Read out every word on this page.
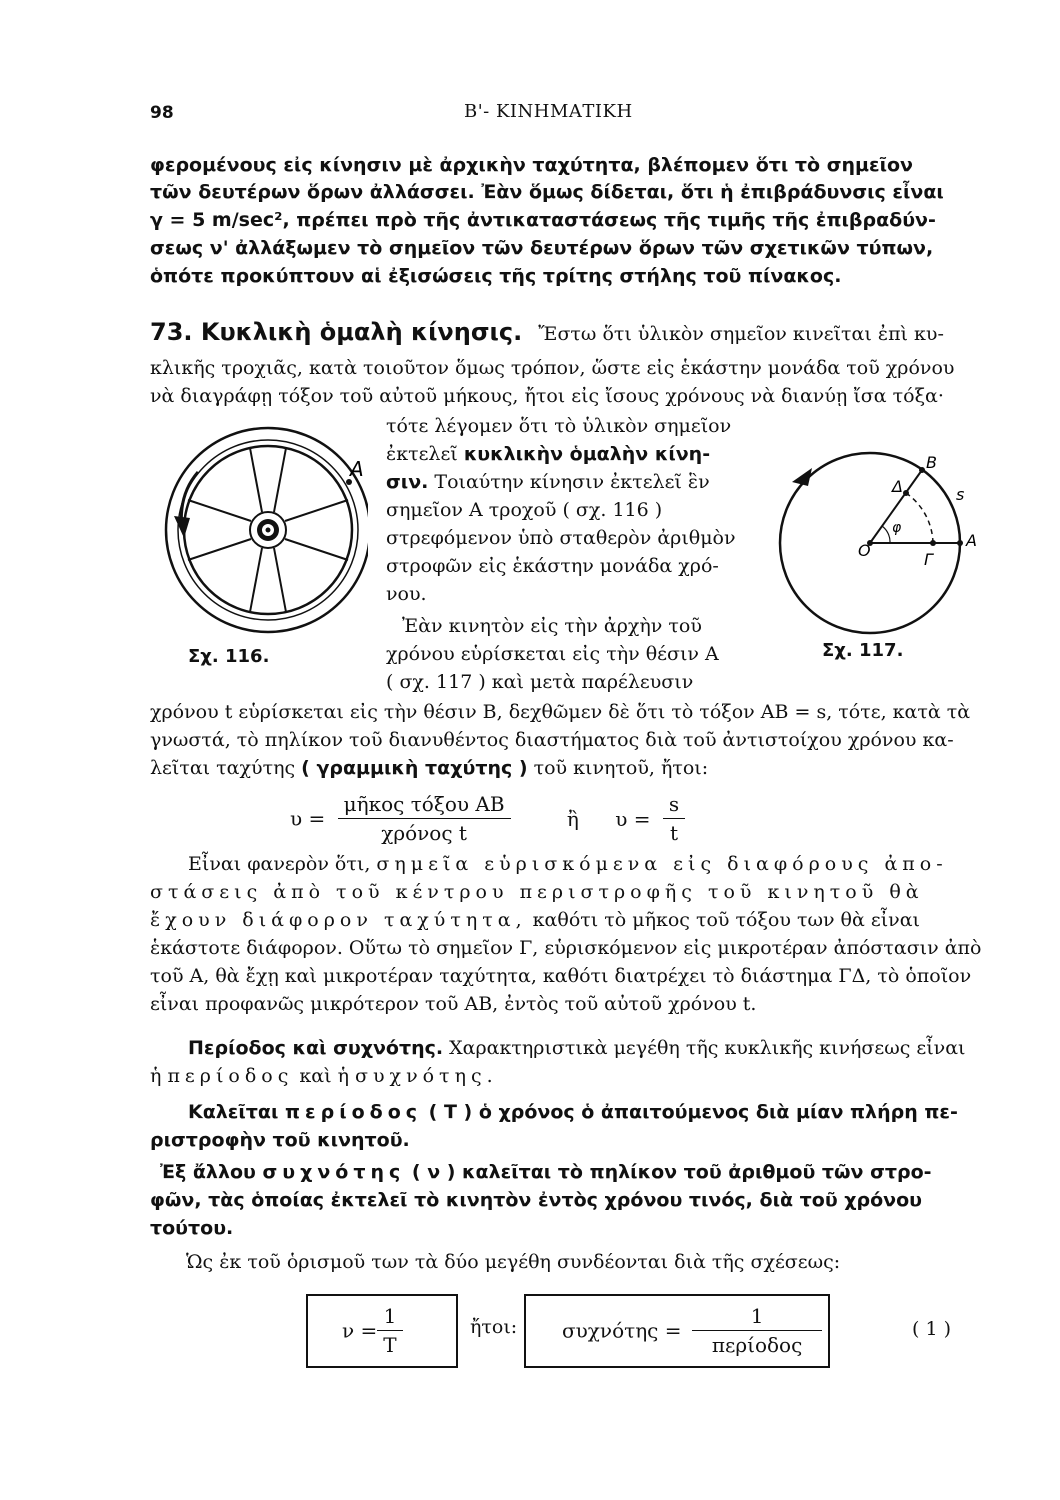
98	Β'- ΚΙΝΗΜΑΤΙΚΗ
φερομένους εἰς κίνησιν μὲ ἀρχικὴν ταχύτητα, βλέπομεν ὅτι τὸ σημεῖον
τῶν δευτέρων ὅρων ἀλλάσσει. Ἐὰν ὅμως δίδεται, ὅτι ἡ ἐπιβράδυνσις εἶναι
γ = 5 m/sec², πρέπει πρὸ τῆς ἀντικαταστάσεως τῆς τιμῆς τῆς ἐπιβραδύν-
σεως ν' ἀλλάξωμεν τὸ σημεῖον τῶν δευτέρων ὅρων τῶν σχετικῶν τύπων,
ὁπότε προκύπτουν αἱ ἐξισώσεις τῆς τρίτης στήλης τοῦ πίνακος.
73. Κυκλικὴ ὁμαλὴ κίνησις. Ἔστω ὅτι ὑλικὸν σημεῖον κινεῖται ἐπὶ κυ-
κλικῆς τροχιᾶς, κατὰ τοιοῦτον ὅμως τρόπον, ὥστε εἰς ἑκάστην μονάδα τοῦ χρόνου
νὰ διαγράφῃ τόξον τοῦ αὐτοῦ μήκους, ἤτοι εἰς ἴσους χρόνους νὰ διανύῃ ἴσα τόξα·
A
Σχ. 116.
τότε λέγομεν ὅτι τὸ ὑλικὸν σημεῖον
ἐκτελεῖ κυκλικὴν ὁμαλὴν κίνη-
σιν. Τοιαύτην κίνησιν ἐκτελεῖ ἓν
σημεῖον Α τροχοῦ ( σχ. 116 )
στρεφόμενον ὑπὸ σταθερὸν ἀριθμὸν
στροφῶν εἰς ἑκάστην μονάδα χρό-
νου.
Ἐὰν κινητὸν εἰς τὴν ἀρχὴν τοῦ
χρόνου εὑρίσκεται εἰς τὴν θέσιν Α
( σχ. 117 ) καὶ μετὰ παρέλευσιν
O	Γ
A
Δ
B
s
φ
Σχ. 117.
χρόνου t εὑρίσκεται εἰς τὴν θέσιν Β, δεχθῶμεν δὲ ὅτι τὸ τόξον ΑΒ = s, τότε, κατὰ τὰ
γνωστά, τὸ πηλίκον τοῦ διανυθέντος διαστήματος διὰ τοῦ ἀντιστοίχου χρόνου κα-
λεῖται ταχύτης ( γραμμικὴ ταχύτης ) τοῦ κινητοῦ, ἤτοι:
$\upsilon = \frac{\text{μῆκος τόξου ΑΒ}}{\text{χρόνος t}}$	ἢ $\upsilon = \frac{s}{t}$
Εἶναι φανερὸν ὅτι, σημεῖα εὑρισκόμενα εἰς διαφόρους ἀπο-
στάσεις ἀπὸ τοῦ κέντρου περιστροφῆς τοῦ κινητοῦ θὰ
ἔχουν διάφορον ταχύτητα, καθότι τὸ μῆκος τοῦ τόξου των θὰ εἶναι
ἑκάστοτε διάφορον. Οὕτω τὸ σημεῖον Γ, εὑρισκόμενον εἰς μικροτέραν ἀπόστασιν ἀπὸ
τοῦ Α, θὰ ἔχῃ καὶ μικροτέραν ταχύτητα, καθότι διατρέχει τὸ διάστημα ΓΔ, τὸ ὁποῖον
εἶναι προφανῶς μικρότερον τοῦ ΑΒ, ἐντὸς τοῦ αὐτοῦ χρόνου t.
Περίοδος καὶ συχνότης. Χαρακτηριστικὰ μεγέθη τῆς κυκλικῆς κινήσεως εἶναι
ἡ περίοδος καὶ ἡ συχνότης.
Καλεῖται περίοδος ( Τ ) ὁ χρόνος ὁ ἀπαιτούμενος διὰ μίαν πλήρη πε-
ριστροφὴν τοῦ κινητοῦ.
Ἐξ ἄλλου συχνότης ( ν ) καλεῖται τὸ πηλίκον τοῦ ἀριθμοῦ τῶν στρο-
φῶν, τὰς ὁποίας ἐκτελεῖ τὸ κινητὸν ἐντὸς χρόνου τινός, διὰ τοῦ χρόνου
τούτου.
Ὡς ἐκ τοῦ ὁρισμοῦ των τὰ δύο μεγέθη συνδέονται διὰ τῆς σχέσεως:
$\nu = \frac{1}{T}$	ἤτοι: $\sigma\upsilon\chi\nu ό\tau\eta\varsigma = \frac{1}{\text{περίοδος}}$	( 1 )
